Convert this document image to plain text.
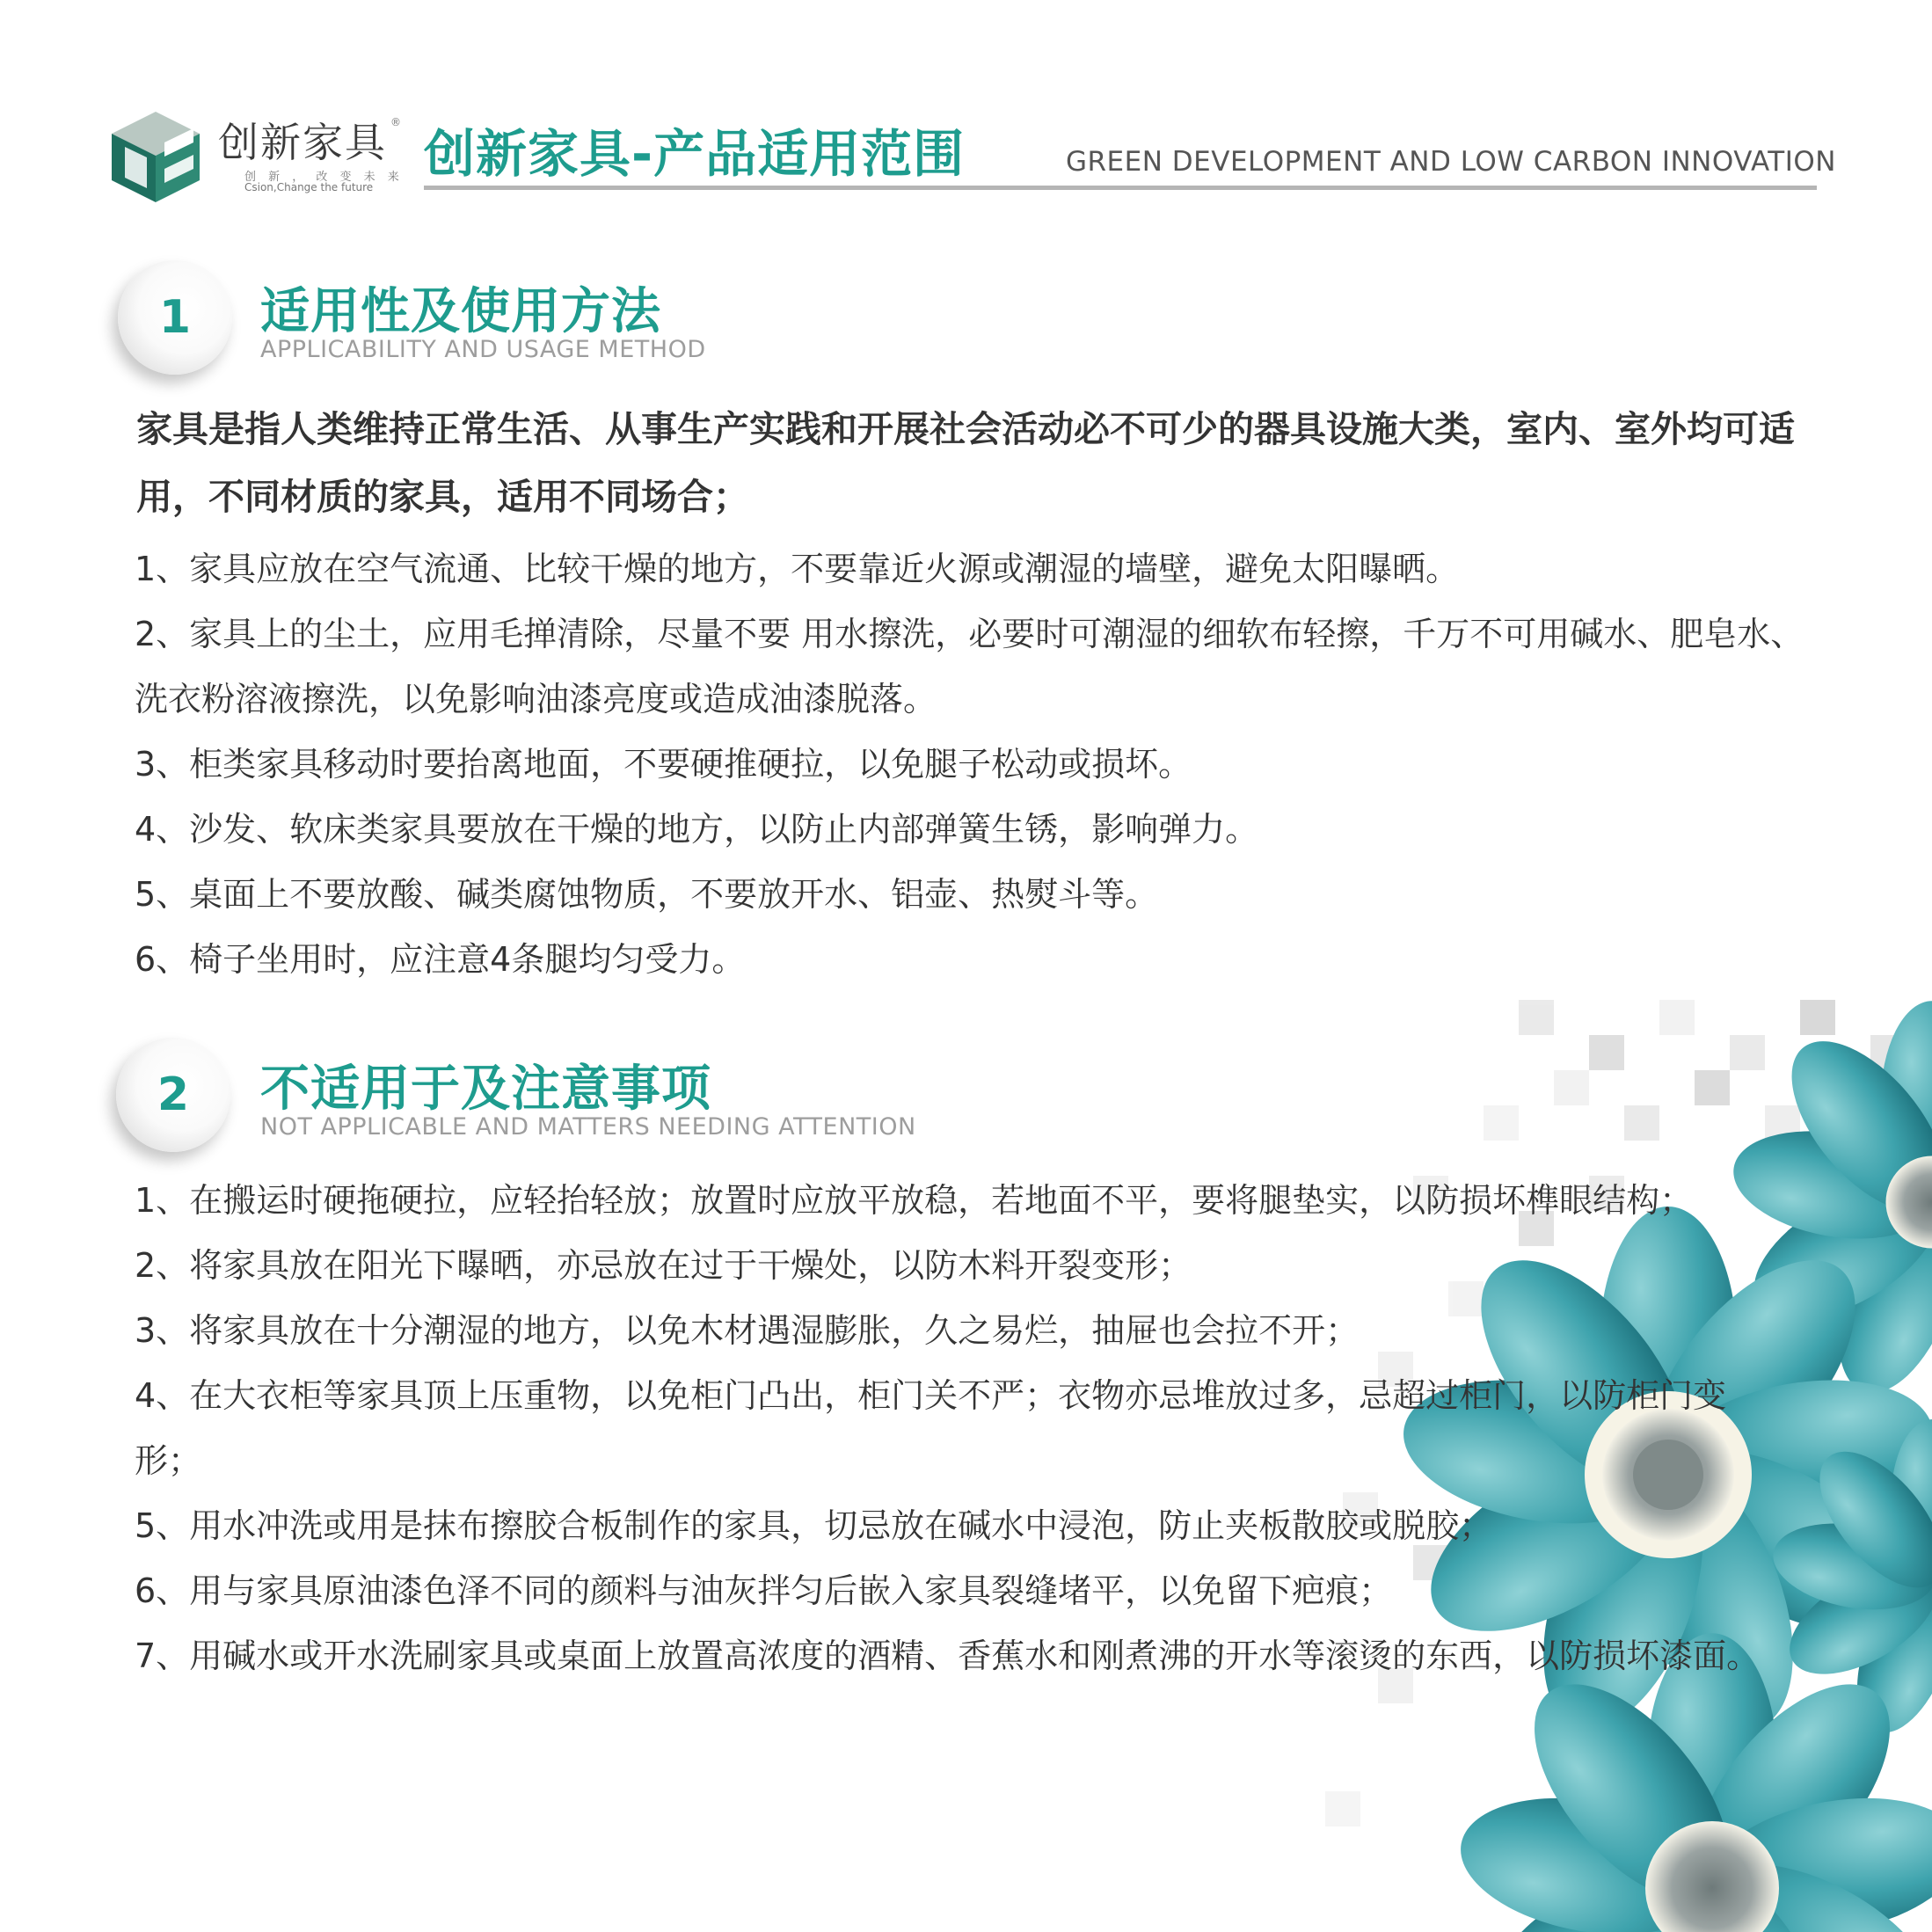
创新家具 ®
创 新 ， 改 变 未 来
Csion,Change the future
创新家具-产品适用范围	GREEN DEVELOPMENT AND LOW CARBON INNOVATION
1	适用性及使用方法
APPLICABILITY AND USAGE METHOD
家具是指人类维持正常生活、从事生产实践和开展社会活动必不可少的器具设施大类，室内、室外均可适用，不同材质的家具，适用不同场合；
1、家具应放在空气流通、比较干燥的地方，不要靠近火源或潮湿的墙壁，避免太阳曝晒。
2、家具上的尘土，应用毛掸清除，尽量不要 用水擦洗，必要时可潮湿的细软布轻擦，千万不可用碱水、肥皂水、洗衣粉溶液擦洗，以免影响油漆亮度或造成油漆脱落。
3、柜类家具移动时要抬离地面，不要硬推硬拉，以免腿子松动或损坏。
4、沙发、软床类家具要放在干燥的地方，以防止内部弹簧生锈，影响弹力。
5、桌面上不要放酸、碱类腐蚀物质，不要放开水、铝壶、热熨斗等。
6、椅子坐用时，应注意4条腿均匀受力。
2	不适用于及注意事项
NOT APPLICABLE AND MATTERS NEEDING ATTENTION
1、在搬运时硬拖硬拉，应轻抬轻放；放置时应放平放稳，若地面不平，要将腿垫实，以防损坏榫眼结构；
2、将家具放在阳光下曝晒，亦忌放在过于干燥处，以防木料开裂变形；
3、将家具放在十分潮湿的地方，以免木材遇湿膨胀，久之易烂，抽屉也会拉不开；
4、在大衣柜等家具顶上压重物，以免柜门凸出，柜门关不严；衣物亦忌堆放过多，忌超过柜门，以防柜门变形；
5、用水冲洗或用是抹布擦胶合板制作的家具，切忌放在碱水中浸泡，防止夹板散胶或脱胶；
6、用与家具原油漆色泽不同的颜料与油灰拌匀后嵌入家具裂缝堵平，以免留下疤痕；
7、用碱水或开水洗刷家具或桌面上放置高浓度的酒精、香蕉水和刚煮沸的开水等滚烫的东西，以防损坏漆面。
